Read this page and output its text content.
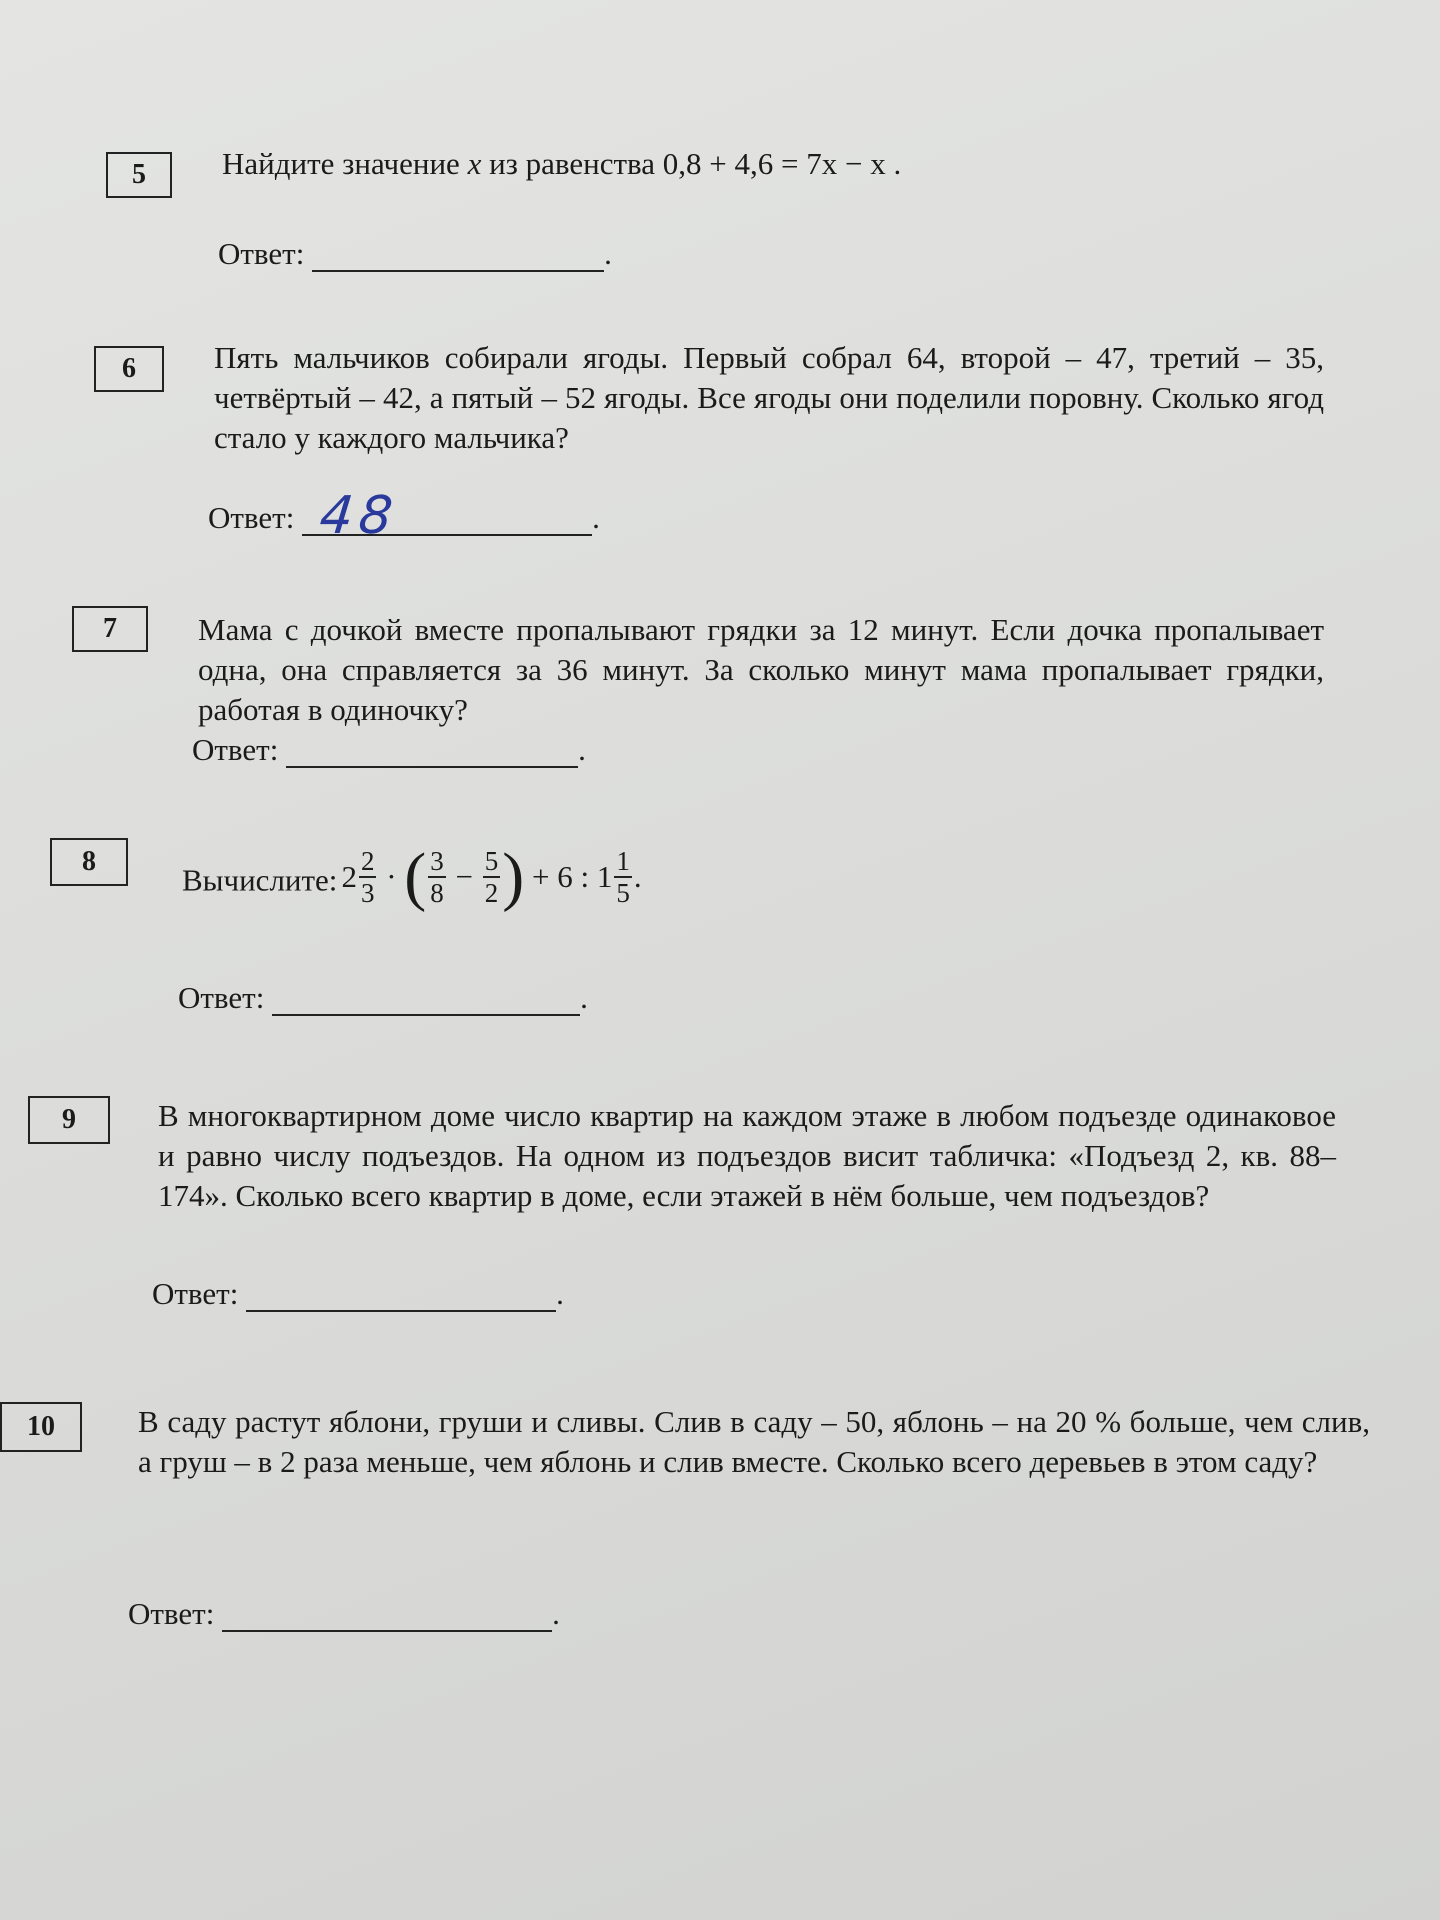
5	Найдите значение x из равенства 0,8 + 4,6 = 7x − x .
Ответ:	.
6	Пять мальчиков собирали ягоды. Первый собрал 64, второй – 47, третий – 35, четвёртый – 42, а пятый – 52 ягоды. Все ягоды они поделили поровну. Сколько ягод стало у каждого мальчика?
Ответ: 48	.
7	Мама с дочкой вместе пропалывают грядки за 12 минут. Если дочка пропалывает одна, она справляется за 36 минут. За сколько минут мама пропалывает грядки, работая в одиночку?
Ответ:	.
8
Вычислите: $2 \frac{2}{3}$ · ( $\frac{3}{8} - \frac{5}{2}$ ) + 6 : $1 \frac{1}{5}$ .
Ответ:	.
9	В многоквартирном доме число квартир на каждом этаже в любом подъезде одинаковое и равно числу подъездов. На одном из подъездов висит табличка: «Подъезд 2, кв. 88–174». Сколько всего квартир в доме, если этажей в нём больше, чем подъездов?
Ответ:	.
10	В саду растут яблони, груши и сливы. Слив в саду – 50, яблонь – на 20 % больше, чем слив, а груш – в 2 раза меньше, чем яблонь и слив вместе. Сколько всего деревьев в этом саду?
Ответ:	.
